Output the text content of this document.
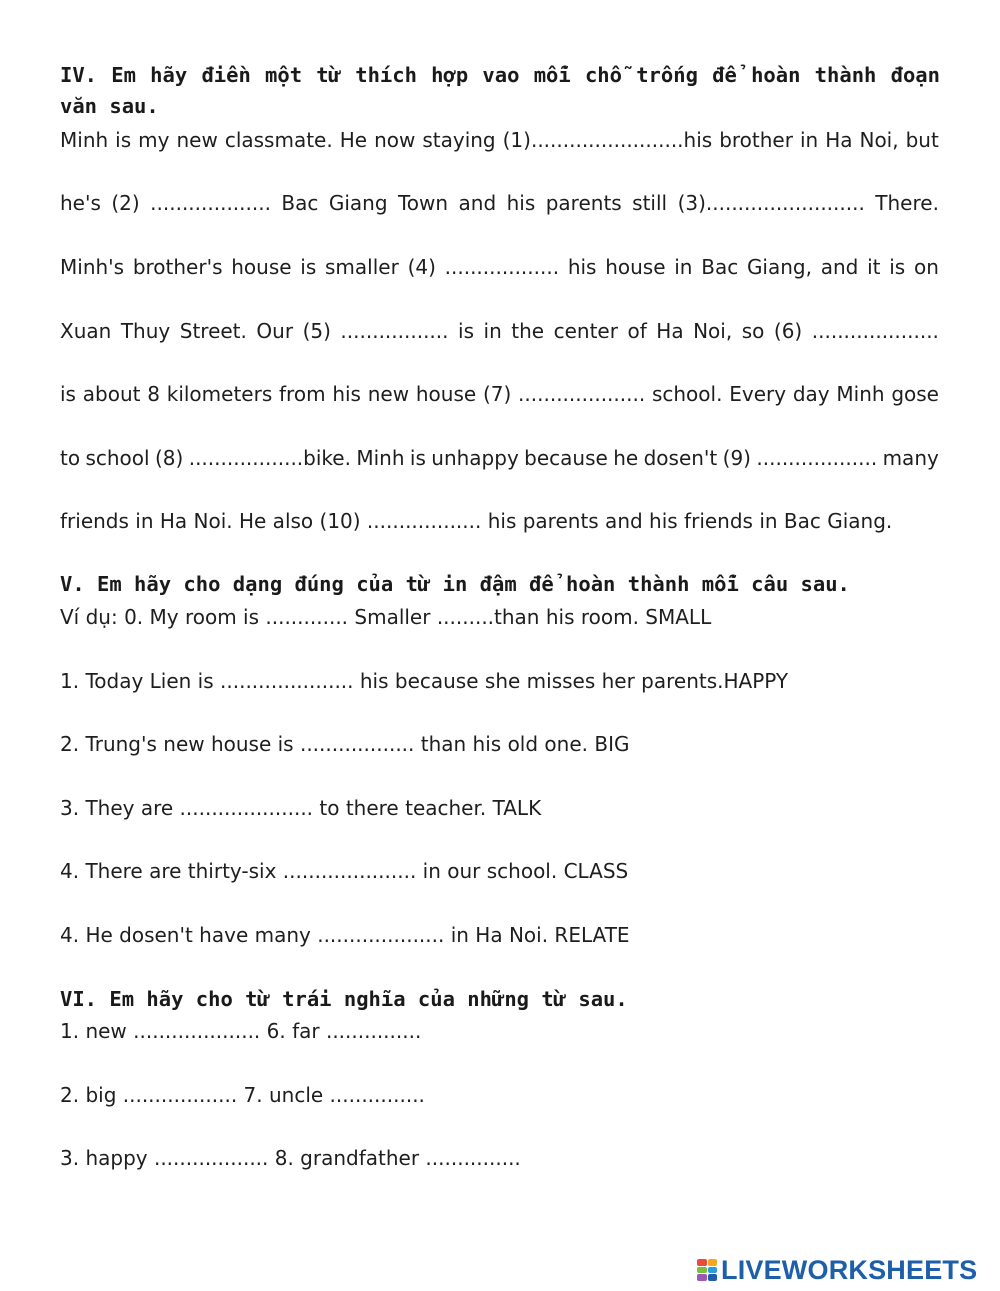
IV. Em hãy điền một từ thích hợp vao mỗi chỗ trống để hoàn thành đoạn văn sau.

Minh is my new classmate. He now staying (1)........................his brother in Ha Noi, but

he's (2) ................... Bac Giang Town and his parents still (3)......................... There.

Minh's brother's house is smaller (4) .................. his house in Bac Giang, and it is on

Xuan Thuy Street. Our (5) ................. is in the center of Ha Noi, so (6) ....................

is about 8 kilometers from his new house (7) .................... school. Every day Minh gose

to school (8) ..................bike. Minh is unhappy because he dosen't (9) ................... many

friends in Ha Noi. He also (10) .................. his parents and his friends in Bac Giang.

V. Em hãy cho dạng đúng của từ in đậm để hoàn thành mỗi câu sau.

Ví dụ: 0. My room is ............. Smaller .........than his room. SMALL

1. Today Lien is ..................... his because she misses her parents.HAPPY

2. Trung's new house is .................. than his old one. BIG

3. They are ..................... to there teacher. TALK

4. There are thirty-six ..................... in our school. CLASS

4. He dosen't have many .................... in Ha Noi. RELATE

VI. Em hãy cho từ trái nghĩa của những từ sau.

1. new .................... 6. far ...............

2. big .................. 7. uncle ...............

3. happy .................. 8. grandfather ...............

LIVEWORKSHEETS
